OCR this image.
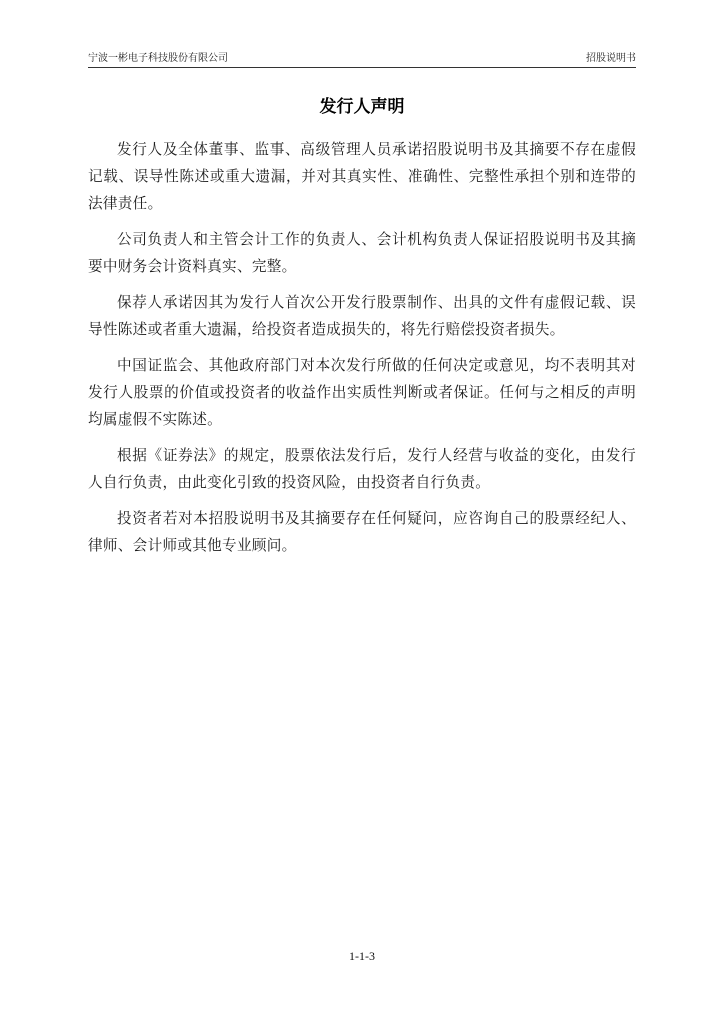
宁波一彬电子科技股份有限公司	招股说明书
发行人声明

发行人及全体董事、监事、高级管理人员承诺招股说明书及其摘要不存在虚假记载、误导性陈述或重大遗漏，并对其真实性、准确性、完整性承担个别和连带的法律责任。

公司负责人和主管会计工作的负责人、会计机构负责人保证招股说明书及其摘要中财务会计资料真实、完整。

保荐人承诺因其为发行人首次公开发行股票制作、出具的文件有虚假记载、误导性陈述或者重大遗漏，给投资者造成损失的，将先行赔偿投资者损失。

中国证监会、其他政府部门对本次发行所做的任何决定或意见，均不表明其对发行人股票的价值或投资者的收益作出实质性判断或者保证。任何与之相反的声明均属虚假不实陈述。

根据《证券法》的规定，股票依法发行后，发行人经营与收益的变化，由发行人自行负责，由此变化引致的投资风险，由投资者自行负责。

投资者若对本招股说明书及其摘要存在任何疑问，应咨询自己的股票经纪人、律师、会计师或其他专业顾问。

1-1-3
